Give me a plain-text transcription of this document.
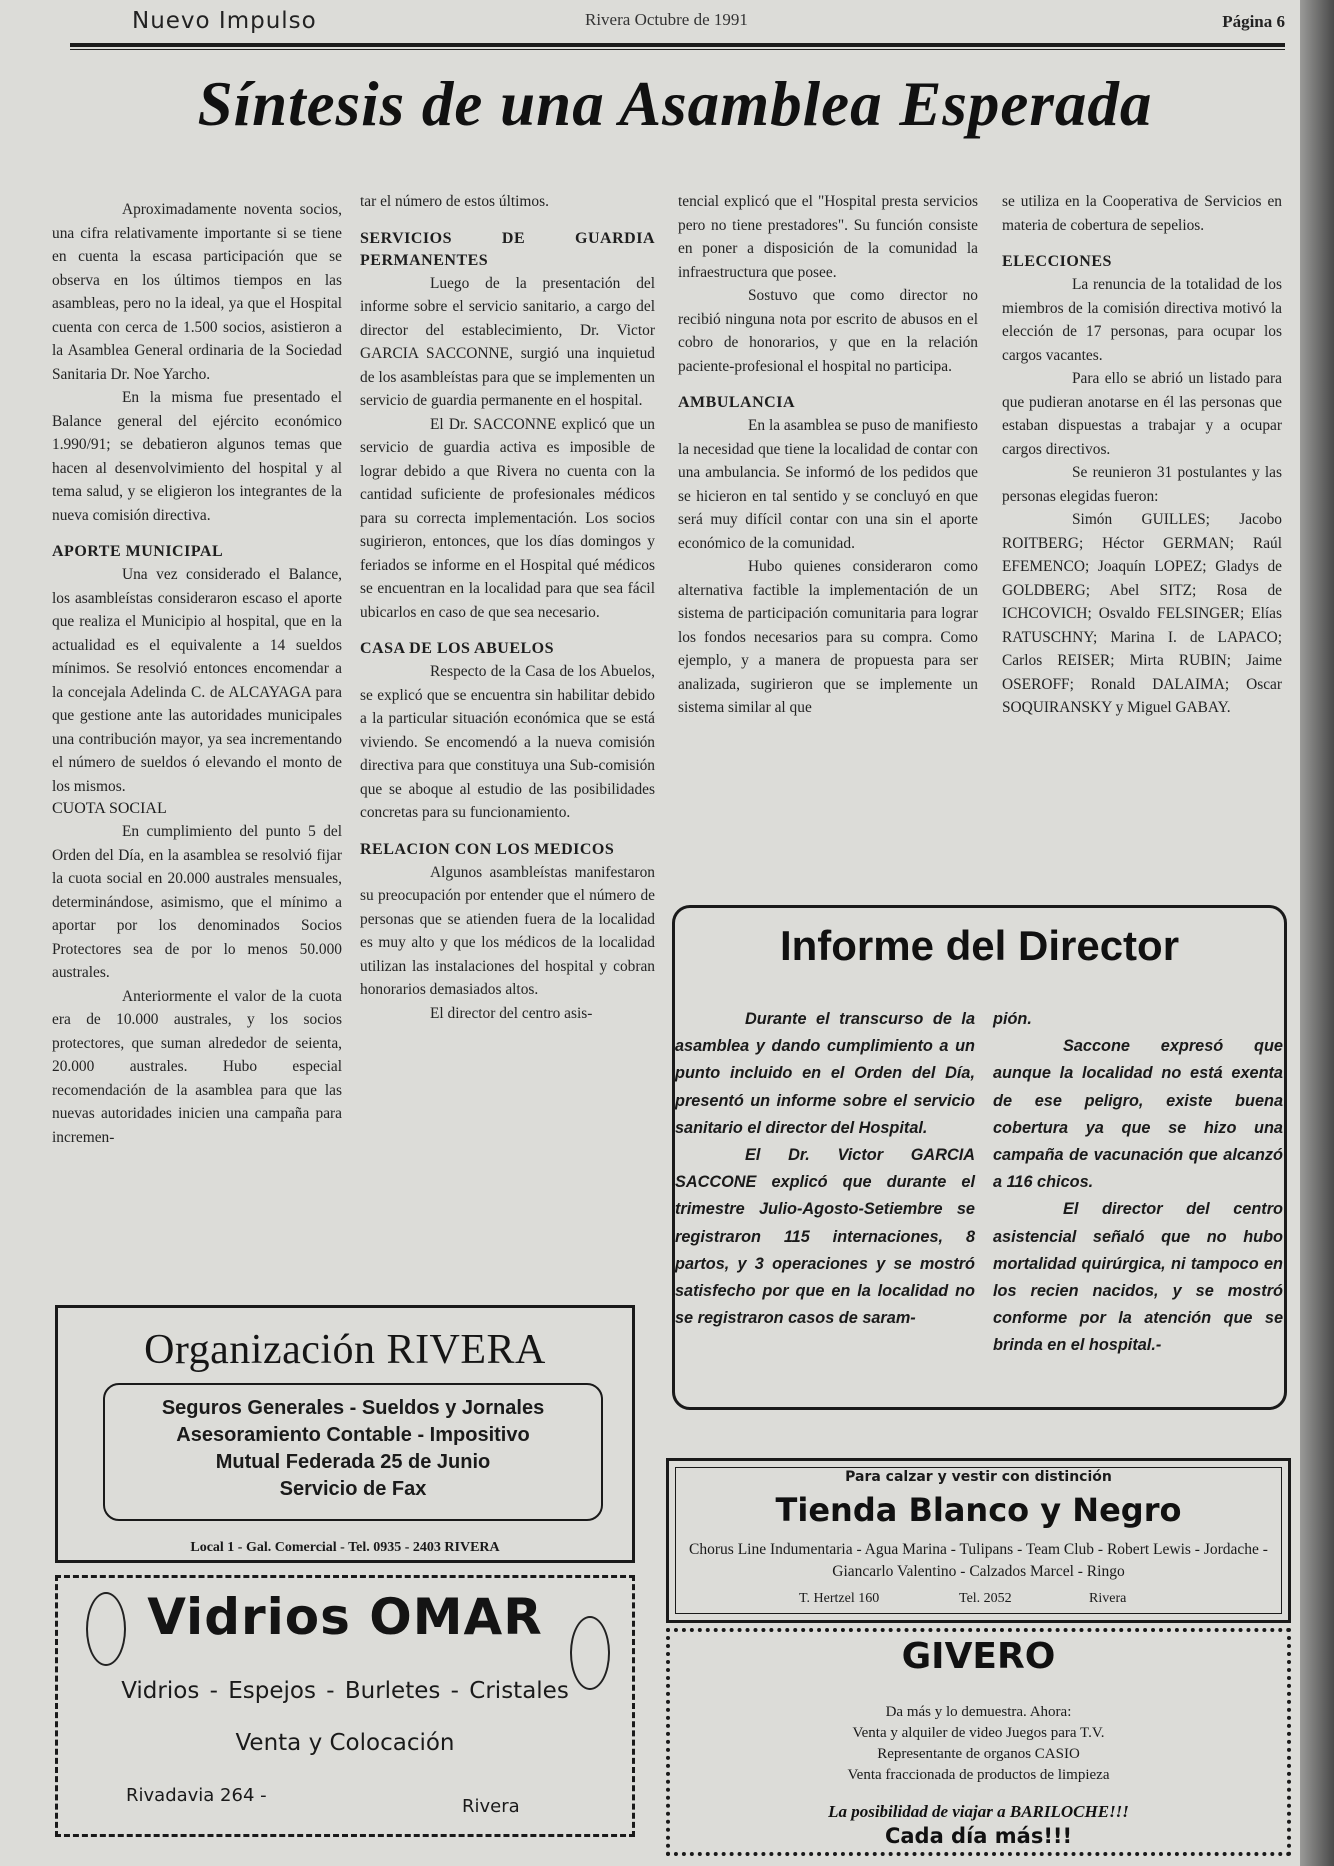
Nuevo Impulso	Rivera Octubre de 1991	Página 6
Síntesis de una Asamblea Esperada

Aproximadamente noventa socios, una cifra relativamente importante si se tiene en cuenta la escasa participación que se observa en los últimos tiempos en las asambleas, pero no la ideal, ya que el Hospital cuenta con cerca de 1.500 socios, asistieron a la Asamblea General ordinaria de la Sociedad Sanitaria Dr. Noe Yarcho.

En la misma fue presentado el Balance general del ejército económico 1.990/91; se debatieron algunos temas que hacen al desenvolvimiento del hospital y al tema salud, y se eligieron los integrantes de la nueva comisión directiva.

APORTE MUNICIPAL

Una vez considerado el Balance, los asambleístas consideraron escaso el aporte que realiza el Municipio al hospital, que en la actualidad es el equivalente a 14 sueldos mínimos. Se resolvió entonces encomendar a la concejala Adelinda C. de ALCAYAGA para que gestione ante las autoridades municipales una contribución mayor, ya sea incrementando el número de sueldos ó elevando el monto de los mismos.

CUOTA SOCIAL

En cumplimiento del punto 5 del Orden del Día, en la asamblea se resolvió fijar la cuota social en 20.000 australes mensuales, determinándose, asimismo, que el mínimo a aportar por los denominados Socios Protectores sea de por lo menos 50.000 australes.

Anteriormente el valor de la cuota era de 10.000 australes, y los socios protectores, que suman alrededor de seienta, 20.000 australes. Hubo especial recomendación de la asamblea para que las nuevas autoridades inicien una campaña para incremen-

tar el número de estos últimos.

SERVICIOS DE GUARDIA PERMANENTES

Luego de la presentación del informe sobre el servicio sanitario, a cargo del director del establecimiento, Dr. Victor GARCIA SACCONNE, surgió una inquietud de los asambleístas para que se implementen un servicio de guardia permanente en el hospital.

El Dr. SACCONNE explicó que un servicio de guardia activa es imposible de lograr debido a que Rivera no cuenta con la cantidad suficiente de profesionales médicos para su correcta implementación. Los socios sugirieron, entonces, que los días domingos y feriados se informe en el Hospital qué médicos se encuentran en la localidad para que sea fácil ubicarlos en caso de que sea necesario.

CASA DE LOS ABUELOS

Respecto de la Casa de los Abuelos, se explicó que se encuentra sin habilitar debido a la particular situación económica que se está viviendo. Se encomendó a la nueva comisión directiva para que constituya una Sub-comisión que se aboque al estudio de las posibilidades concretas para su funcionamiento.

RELACION CON LOS MEDICOS

Algunos asambleístas manifestaron su preocupación por entender que el número de personas que se atienden fuera de la localidad es muy alto y que los médicos de la localidad utilizan las instalaciones del hospital y cobran honorarios demasiados altos.

El director del centro asis-

tencial explicó que el "Hospital presta servicios pero no tiene prestadores". Su función consiste en poner a disposición de la comunidad la infraestructura que posee.

Sostuvo que como director no recibió ninguna nota por escrito de abusos en el cobro de honorarios, y que en la relación paciente-profesional el hospital no participa.

AMBULANCIA

En la asamblea se puso de manifiesto la necesidad que tiene la localidad de contar con una ambulancia. Se informó de los pedidos que se hicieron en tal sentido y se concluyó en que será muy difícil contar con una sin el aporte económico de la comunidad.

Hubo quienes consideraron como alternativa factible la implementación de un sistema de participación comunitaria para lograr los fondos necesarios para su compra. Como ejemplo, y a manera de propuesta para ser analizada, sugirieron que se implemente un sistema similar al que

se utiliza en la Cooperativa de Servicios en materia de cobertura de sepelios.

ELECCIONES

La renuncia de la totalidad de los miembros de la comisión directiva motivó la elección de 17 personas, para ocupar los cargos vacantes.

Para ello se abrió un listado para que pudieran anotarse en él las personas que estaban dispuestas a trabajar y a ocupar cargos directivos.

Se reunieron 31 postulantes y las personas elegidas fueron:

Simón GUILLES; Jacobo ROITBERG; Héctor GERMAN; Raúl EFEMENCO; Joaquín LOPEZ; Gladys de GOLDBERG; Abel SITZ; Rosa de ICHCOVICH; Osvaldo FELSINGER; Elías RATUSCHNY; Marina I. de LAPACO; Carlos REISER; Mirta RUBIN; Jaime OSEROFF; Ronald DALAIMA; Oscar SOQUIRANSKY y Miguel GABAY.

Informe del Director

Durante el transcurso de la asamblea y dando cumplimiento a un punto incluido en el Orden del Día, presentó un informe sobre el servicio sanitario el director del Hospital.

El Dr. Victor GARCIA SACCONE explicó que durante el trimestre Julio-Agosto-Setiembre se registraron 115 internaciones, 8 partos, y 3 operaciones y se mostró satisfecho por que en la localidad no se registraron casos de saram-

pión.

Saccone expresó que aunque la localidad no está exenta de ese peligro, existe buena cobertura ya que se hizo una campaña de vacunación que alcanzó a 116 chicos.

El director del centro asistencial señaló que no hubo mortalidad quirúrgica, ni tampoco en los recien nacidos, y se mostró conforme por la atención que se brinda en el hospital.-

Organización RIVERA
Seguros Generales - Sueldos y Jornales
Asesoramiento Contable - Impositivo
Mutual Federada 25 de Junio
Servicio de Fax
Local 1 - Gal. Comercial - Tel. 0935 - 2403 RIVERA
Vidrios OMAR
Vidrios - Espejos - Burletes - Cristales
Venta y Colocación
Rivadavia 264 -
Rivera
Para calzar y vestir con distinción
Tienda Blanco y Negro
Chorus Line Indumentaria - Agua Marina - Tulipans - Team Club - Robert Lewis - Jordache - Giancarlo Valentino - Calzados Marcel - Ringo
T. Hertzel 160	Tel. 2052	Rivera
GIVERO
Da más y lo demuestra. Ahora:
Venta y alquiler de video Juegos para T.V.
Representante de organos CASIO
Venta fraccionada de productos de limpieza
La posibilidad de viajar a BARILOCHE!!!
Cada día más!!!
